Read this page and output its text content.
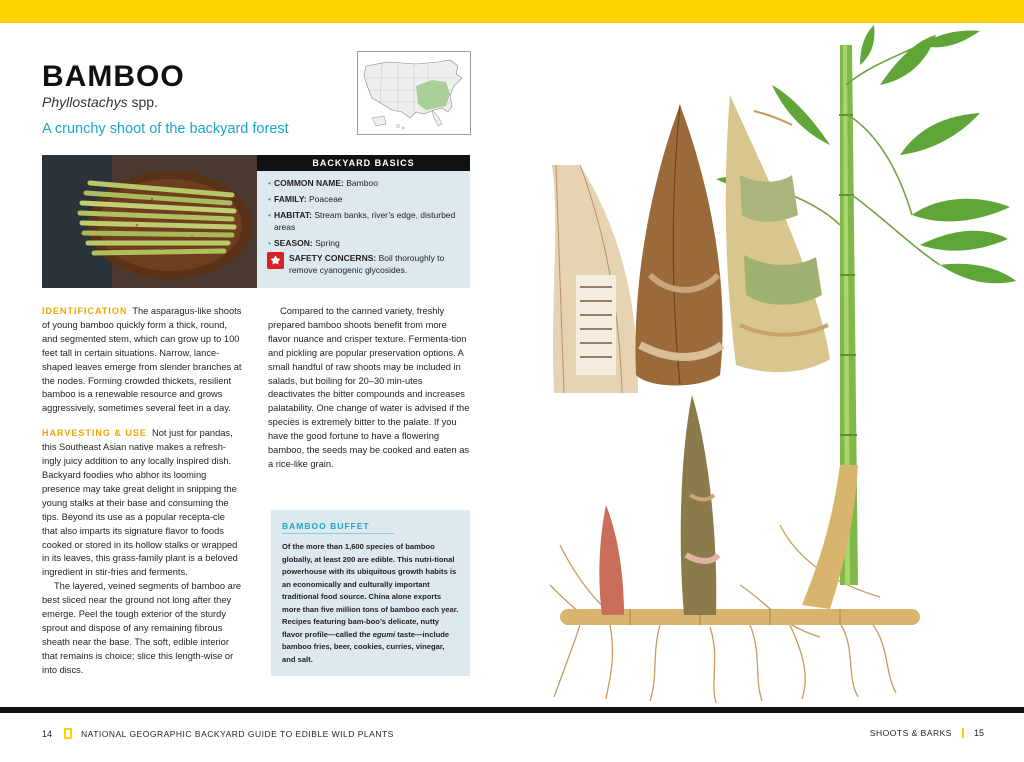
BAMBOO
Phyllostachys spp.
A crunchy shoot of the backyard forest
BACKYARD BASICS
• COMMON NAME: Bamboo
• FAMILY: Poaceae
• HABITAT: Stream banks, river’s edge, disturbed areas
• SEASON: Spring
SAFETY CONCERNS: Boil thoroughly to remove cyanogenic glycosides.

IDENTIFICATION The asparagus-like shoots of young bamboo quickly form a thick, round, and segmented stem, which can grow up to 100 feet tall in certain situations. Narrow, lance-shaped leaves emerge from slender branches at the nodes. Forming crowded thickets, resilient bamboo is a renewable resource and grows aggressively, sometimes several feet in a day.

HARVESTING & USE Not just for pandas, this Southeast Asian native makes a refresh-ingly juicy addition to any locally inspired dish. Backyard foodies who abhor its looming presence may take great delight in snipping the young stalks at their base and consuming the tips. Beyond its use as a popular recepta-cle that also imparts its signature flavor to foods cooked or stored in its hollow stalks or wrapped in its leaves, this grass-family plant is a beloved ingredient in stir-fries and ferments.

The layered, veined segments of bamboo are best sliced near the ground not long after they emerge. Peel the tough exterior of the sturdy sprout and dispose of any remaining fibrous sheath near the base. The soft, edible interior that remains is choice; slice this length-wise or into discs.

Compared to the canned variety, freshly prepared bamboo shoots benefit from more flavor nuance and crisper texture. Fermenta-tion and pickling are popular preservation options. A small handful of raw shoots may be included in salads, but boiling for 20–30 min-utes deactivates the bitter compounds and increases palatability. One change of water is advised if the species is extremely bitter to the palate. If you have the good fortune to have a flowering bamboo, the seeds may be cooked and eaten as a rice-like grain.

BAMBOO BUFFET
Of the more than 1,600 species of bamboo globally, at least 200 are edible. This nutri-tional powerhouse with its ubiquitous growth habits is an economically and culturally important traditional food source. China alone exports more than five million tons of bamboo each year. Recipes featuring bam-boo’s delicate, nutty flavor profile—called the egumi taste—include bamboo fries, beer, cookies, curries, vinegar, and salt.
14	NATIONAL GEOGRAPHIC BACKYARD GUIDE TO EDIBLE WILD PLANTS	SHOOTS & BARKS 15
